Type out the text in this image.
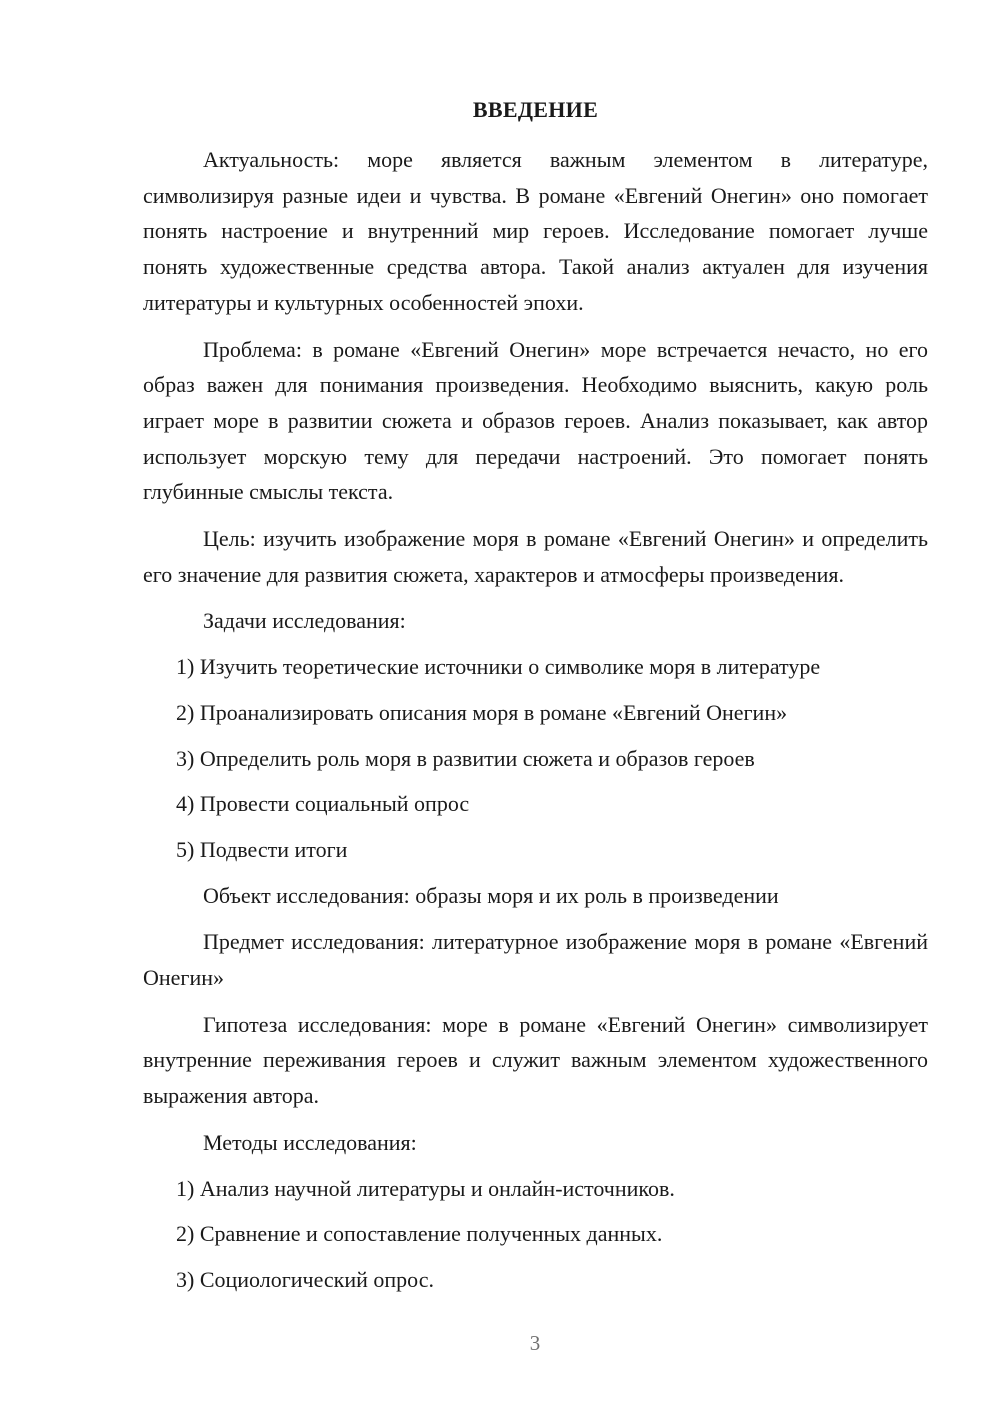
ВВЕДЕНИЕ

Актуальность: море является важным элементом в литературе, символизируя разные идеи и чувства. В романе «Евгений Онегин» оно помогает понять настроение и внутренний мир героев. Исследование помогает лучше понять художественные средства автора. Такой анализ актуален для изучения литературы и культурных особенностей эпохи.

Проблема: в романе «Евгений Онегин» море встречается нечасто, но его образ важен для понимания произведения. Необходимо выяснить, какую роль играет море в развитии сюжета и образов героев. Анализ показывает, как автор использует морскую тему для передачи настроений. Это помогает понять глубинные смыслы текста.

Цель: изучить изображение моря в романе «Евгений Онегин» и определить его значение для развития сюжета, характеров и атмосферы произведения.

Задачи исследования:

1) Изучить теоретические источники о символике моря в литературе
2) Проанализировать описания моря в романе «Евгений Онегин»
3) Определить роль моря в развитии сюжета и образов героев
4) Провести социальный опрос
5) Подвести итоги

Объект исследования: образы моря и их роль в произведении

Предмет исследования: литературное изображение моря в романе «Евгений Онегин»

Гипотеза исследования: море в романе «Евгений Онегин» символизирует внутренние переживания героев и служит важным элементом художественного выражения автора.

Методы исследования:

1) Анализ научной литературы и онлайн-источников.
2) Сравнение и сопоставление полученных данных.
3) Социологический опрос.
3
